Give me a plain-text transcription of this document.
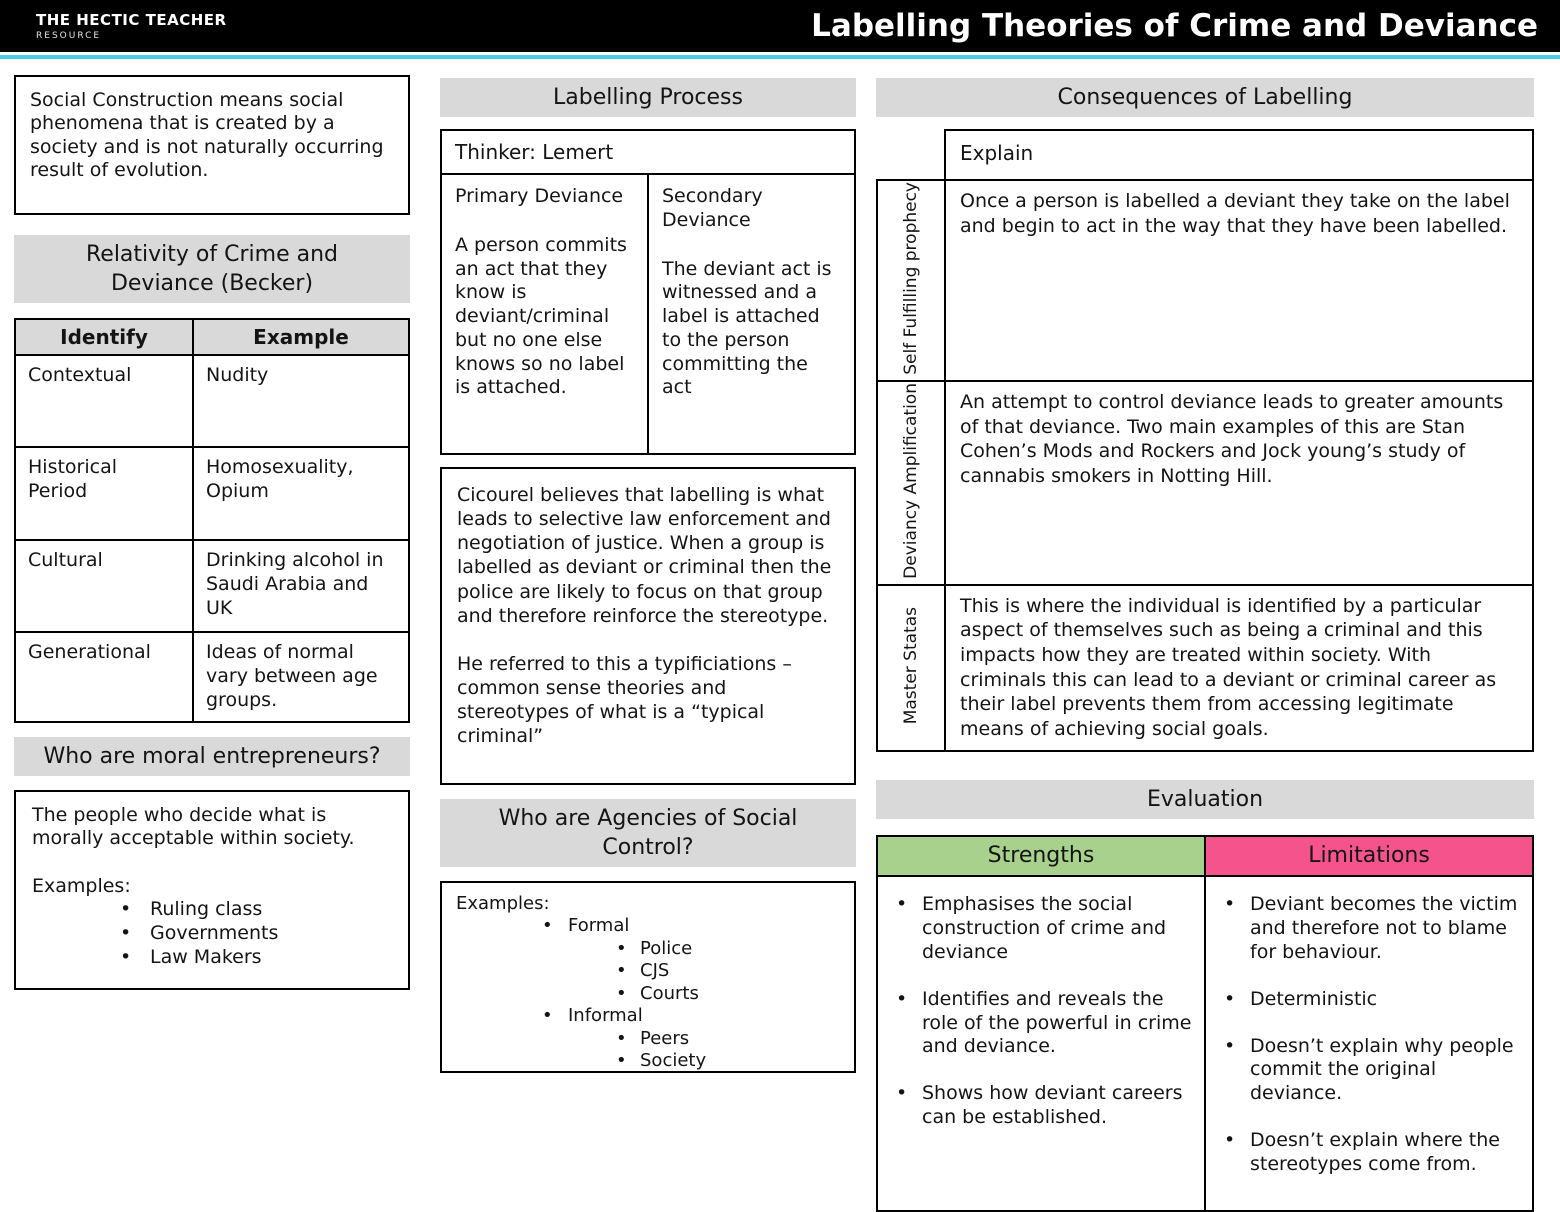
THE HECTIC TEACHER
RESOURCE	Labelling Theories of Crime and Deviance
Social Construction means social phenomena that is created by a society and is not naturally occurring result of evolution.
Relativity of Crime and Deviance (Becker)
Identify	Example
Contextual	Nudity
Historical Period	Homosexuality, Opium
Cultural	Drinking alcohol in Saudi Arabia and UK
Generational	Ideas of normal vary between age groups.
Who are moral entrepreneurs?
The people who decide what is morally acceptable within society.
Examples:
• Ruling class
• Governments
• Law Makers
Labelling Process
Thinker: Lemert

Primary Deviance

A person commits an act that they know is deviant/criminal but no one else knows so no label is attached.

Secondary Deviance

The deviant act is witnessed and a label is attached to the person committing the act

Cicourel believes that labelling is what leads to selective law enforcement and negotiation of justice. When a group is labelled as deviant or criminal then the police are likely to focus on that group and therefore reinforce the stereotype.
He referred to this a typificiations – common sense theories and stereotypes of what is a “typical criminal”
Who are Agencies of Social Control?
Examples:
• Formal
• Police
• CJS
• Courts
• Informal
• Peers
• Society
Consequences of Labelling
	Explain
Self Fulfilling prophecy	Once a person is labelled a deviant they take on the label and begin to act in the way that they have been labelled.
Deviancy Amplification	An attempt to control deviance leads to greater amounts of that deviance. Two main examples of this are Stan Cohen’s Mods and Rockers and Jock young’s study of cannabis smokers in Notting Hill.
Master Statas	This is where the individual is identified by a particular aspect of themselves such as being a criminal and this impacts how they are treated within society. With criminals this can lead to a deviant or criminal career as their label prevents them from accessing legitimate means of achieving social goals.
Evaluation
Strengths	Limitations

• Emphasises the social construction of crime and deviance
• Identifies and reveals the role of the powerful in crime and deviance.
• Shows how deviant careers can be established.

• Deviant becomes the victim and therefore not to blame for behaviour.
• Deterministic
• Doesn’t explain why people commit the original deviance.
• Doesn’t explain where the stereotypes come from.
